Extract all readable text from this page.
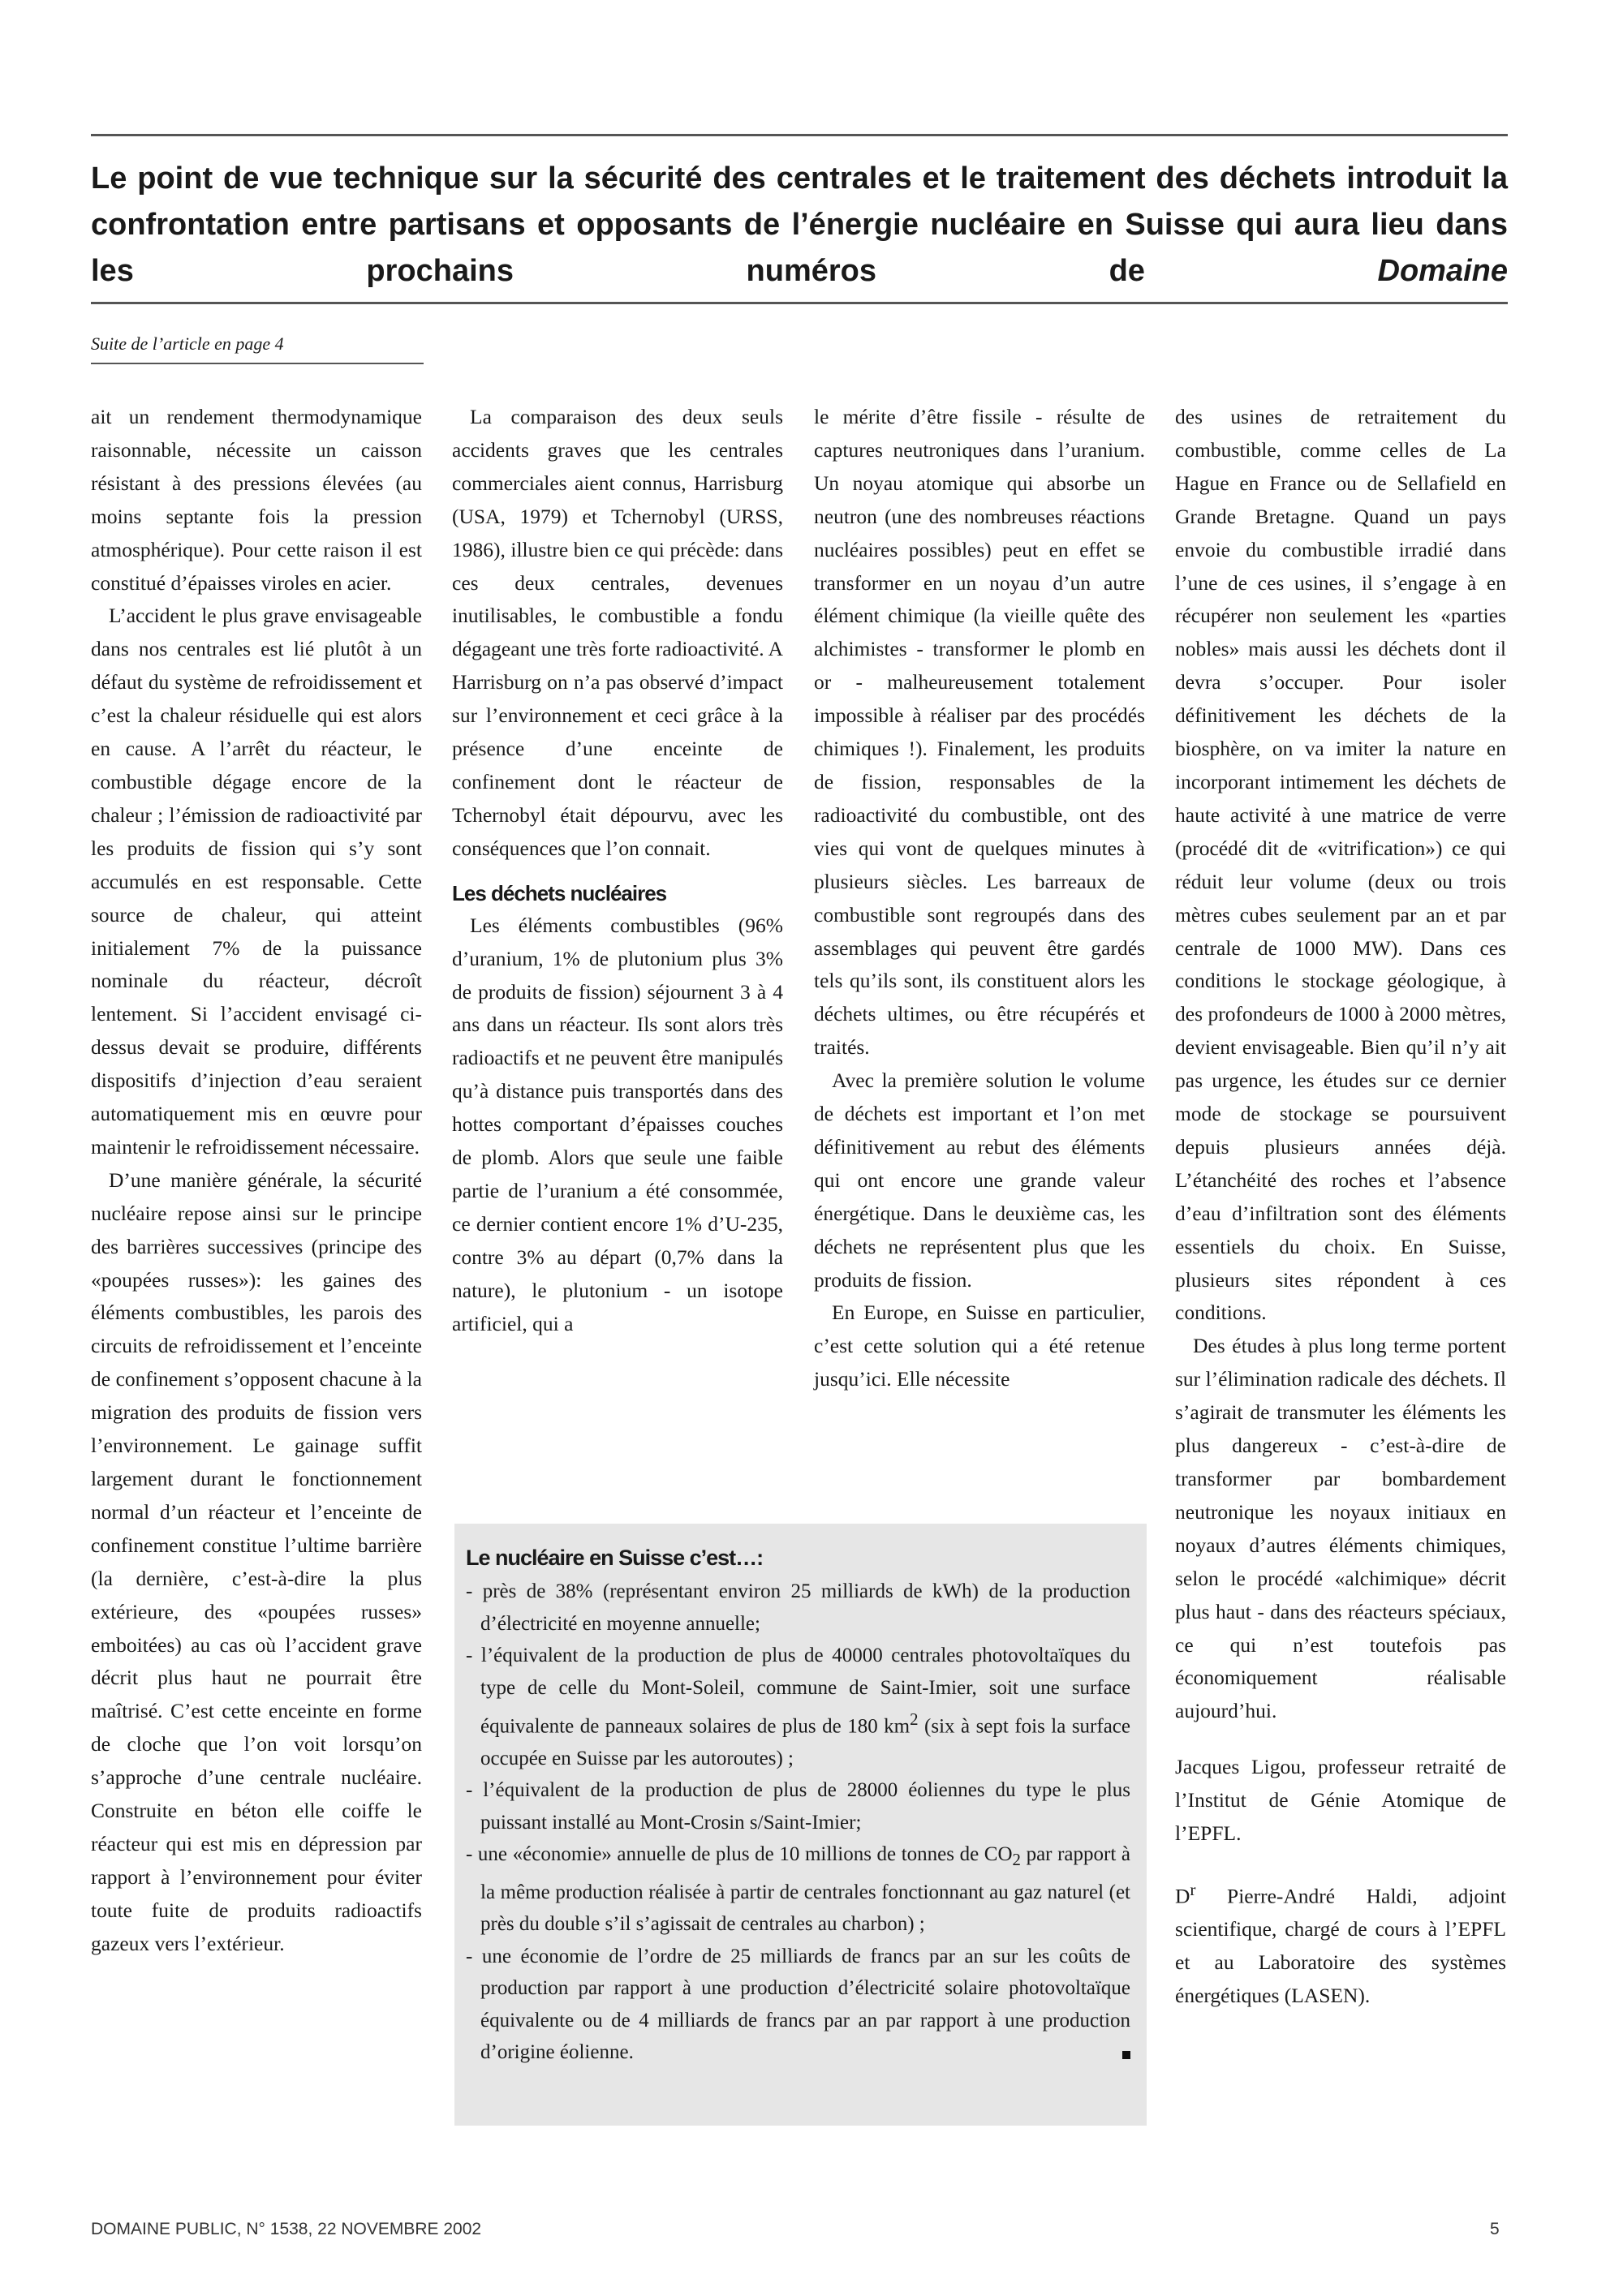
Le point de vue technique sur la sécurité des centrales et le traitement des déchets introduit la confrontation entre partisans et opposants de l’énergie nucléaire en Suisse qui aura lieu dans les prochains numéros de	Domaine
Suite de l’article en page 4

ait un rendement thermodynamique raisonnable, nécessite un caisson résistant à des pressions élevées (au moins septante fois la pression atmosphérique). Pour cette raison il est constitué d’épaisses viroles en acier.

L’accident le plus grave envisageable dans nos centrales est lié plutôt à un défaut du système de refroidissement et c’est la chaleur résiduelle qui est alors en cause. A l’arrêt du réacteur, le combustible dégage encore de la chaleur ; l’émission de radioactivité par les produits de fission qui s’y sont accumulés en est responsable. Cette source de chaleur, qui atteint initialement 7% de la puissance nominale du réacteur, décroît lentement. Si l’accident envisagé ci-dessus devait se produire, différents dispositifs d’injection d’eau seraient automatiquement mis en œuvre pour maintenir le refroidissement nécessaire.

D’une manière générale, la sécurité nucléaire repose ainsi sur le principe des barrières successives (principe des «poupées russes»): les gaines des éléments combustibles, les parois des circuits de refroidissement et l’enceinte de confinement s’opposent chacune à la migration des produits de fission vers l’environnement. Le gainage suffit largement durant le fonctionnement normal d’un réacteur et l’enceinte de confinement constitue l’ultime barrière (la dernière, c’est-à-dire la plus extérieure, des «poupées russes» emboitées) au cas où l’accident grave décrit plus haut ne pourrait être maîtrisé. C’est cette enceinte en forme de cloche que l’on voit lorsqu’on s’approche d’une centrale nucléaire. Construite en béton elle coiffe le réacteur qui est mis en dépression par rapport à l’environnement pour éviter toute fuite de produits radioactifs gazeux vers l’extérieur.

La comparaison des deux seuls accidents graves que les centrales commerciales aient connus, Harrisburg (USA, 1979) et Tchernobyl (URSS, 1986), illustre bien ce qui précède: dans ces deux centrales, devenues inutilisables, le combustible a fondu dégageant une très forte radioactivité. A Harrisburg on n’a pas observé d’impact sur l’environnement et ceci grâce à la présence d’une enceinte de confinement dont le réacteur de Tchernobyl était dépourvu, avec les conséquences que l’on connait.

Les déchets nucléaires

Les éléments combustibles (96% d’uranium, 1% de plutonium plus 3% de produits de fission) séjournent 3 à 4 ans dans un réacteur. Ils sont alors très radioactifs et ne peuvent être manipulés qu’à distance puis transportés dans des hottes comportant d’épaisses couches de plomb. Alors que seule une faible partie de l’uranium a été consommée, ce dernier contient encore 1% d’U-235, contre 3% au départ (0,7% dans la nature), le plutonium - un isotope artificiel, qui a

le mérite d’être fissile - résulte de captures neutroniques dans l’uranium. Un noyau atomique qui absorbe un neutron (une des nombreuses réactions nucléaires possibles) peut en effet se transformer en un noyau d’un autre élément chimique (la vieille quête des alchimistes - transformer le plomb en or - malheureusement totalement impossible à réaliser par des procédés chimiques !). Finalement, les produits de fission, responsables de la radioactivité du combustible, ont des vies qui vont de quelques minutes à plusieurs siècles. Les barreaux de combustible sont regroupés dans des assemblages qui peuvent être gardés tels qu’ils sont, ils constituent alors les déchets ultimes, ou être récupérés et traités.

Avec la première solution le volume de déchets est important et l’on met définitivement au rebut des éléments qui ont encore une grande valeur énergétique. Dans le deuxième cas, les déchets ne représentent plus que les produits de fission.

En Europe, en Suisse en particulier, c’est cette solution qui a été retenue jusqu’ici. Elle nécessite

des usines de retraitement du combustible, comme celles de La Hague en France ou de Sellafield en Grande Bretagne. Quand un pays envoie du combustible irradié dans l’une de ces usines, il s’engage à en récupérer non seulement les «parties nobles» mais aussi les déchets dont il devra s’occuper. Pour isoler définitivement les déchets de la biosphère, on va imiter la nature en incorporant intimement les déchets de haute activité à une matrice de verre (procédé dit de «vitrification») ce qui réduit leur volume (deux ou trois mètres cubes seulement par an et par centrale de 1000 MW). Dans ces conditions le stockage géologique, à des profondeurs de 1000 à 2000 mètres, devient envisageable. Bien qu’il n’y ait pas urgence, les études sur ce dernier mode de stockage se poursuivent depuis plusieurs années déjà. L’étanchéité des roches et l’absence d’eau d’infiltration sont des éléments essentiels du choix. En Suisse, plusieurs sites répondent à ces conditions.

Des études à plus long terme portent sur l’élimination radicale des déchets. Il s’agirait de transmuter les éléments les plus dangereux - c’est-à-dire de transformer par bombardement neutronique les noyaux initiaux en noyaux d’autres éléments chimiques, selon le procédé «alchimique» décrit plus haut - dans des réacteurs spéciaux, ce qui n’est toutefois pas économiquement réalisable aujourd’hui.

Jacques Ligou, professeur retraité de l’Institut de Génie Atomique de l’EPFL.

$D^r$ Pierre-André Haldi, adjoint scientifique, chargé de cours à l’EPFL et au Laboratoire des systèmes énergétiques (LASEN).

Le nucléaire en Suisse c’est…:
- près de 38% (représentant environ 25 milliards de kWh) de la production d’électricité en moyenne annuelle;
- l’équivalent de la production de plus de 40000 centrales photovoltaïques du type de celle du Mont-Soleil, commune de Saint-Imier, soit une surface équivalente de panneaux solaires de plus de 180 $km^2$ (six à sept fois la surface occupée en Suisse par les autoroutes) ;
- l’équivalent de la production de plus de 28000 éoliennes du type le plus puissant installé au Mont-Crosin s/Saint-Imier;
- une «économie» annuelle de plus de 10 millions de tonnes de $CO_2$ par rapport à la même production réalisée à partir de centrales fonctionnant au gaz naturel (et près du double s’il s’agissait de centrales au charbon) ;
- une économie de l’ordre de 25 milliards de francs par an sur les coûts de production par rapport à une production d’électricité solaire photovoltaïque équivalente ou de 4 milliards de francs par an par rapport à une production d’origine éolienne.
DOMAINE PUBLIC, N° 1538, 22 NOVEMBRE 2002	5
